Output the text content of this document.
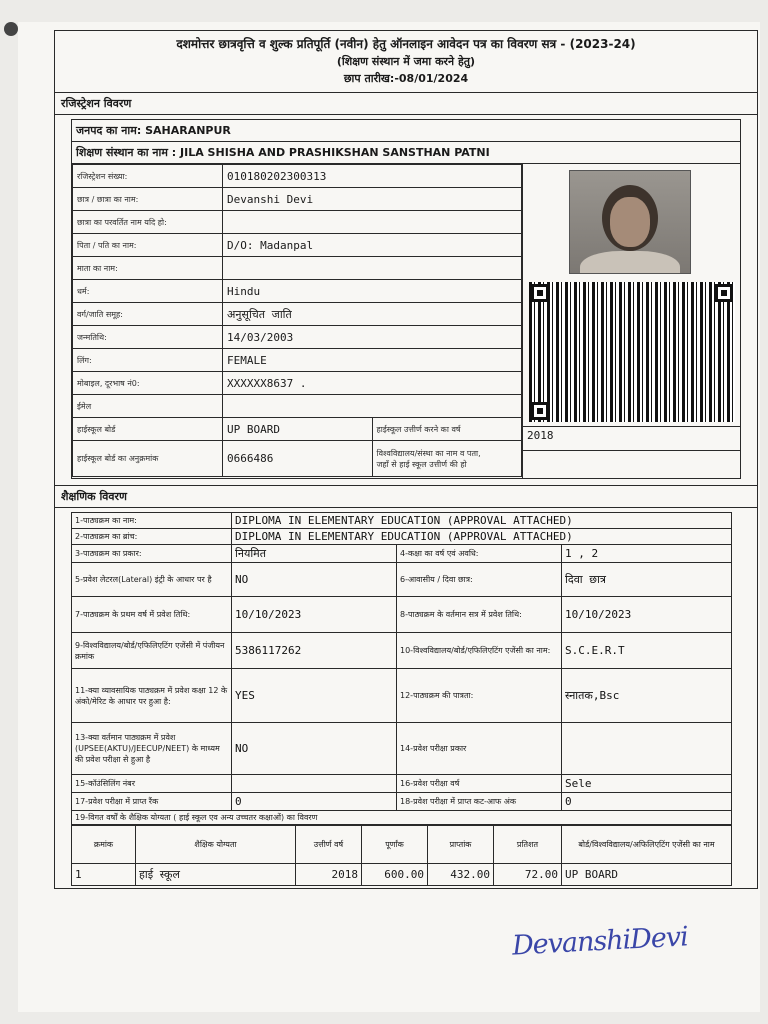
दशमोत्तर छात्रवृत्ति व शुल्क प्रतिपूर्ति (नवीन) हेतु ऑनलाइन आवेदन पत्र का विवरण सत्र - (2023-24)
(शिक्षण संस्थान में जमा करने हेतु)
छाप तारीख:-08/01/2024
रजिस्ट्रेशन विवरण
जनपद का नाम: SAHARANPUR
शिक्षण संस्थान का नाम : JILA SHISHA AND PRASHIKSHAN SANSTHAN PATNI
रजिस्ट्रेशन संख्या:	010180202300313	
छात्र / छात्रा का नाम:	Devanshi Devi	
छात्रा का परवर्तित नाम यदि हो:		
पिता / पति का नाम:	D/O: Madanpal	
माता का नाम:		
धर्म:	Hindu	
वर्ग/जाति समूह:	अनुसूचित जाति	
जन्मतिथि:	14/03/2003	
लिंग:	FEMALE	
मोबाइल, दूरभाष नं0:	XXXXXX8637 .	
ईमेल		
हाईस्कूल बोर्ड	UP BOARD	हाईस्कूल उत्तीर्ण करने का वर्ष
हाईस्कूल बोर्ड का अनुक्रमांक	0666486	विश्वविद्यालय/संस्था का नाम व पता,
जहाँ से हाई स्कूल उत्तीर्ण की हो
2018
शैक्षणिक विवरण
1-पाठ्यक्रम का नाम:	DIPLOMA IN ELEMENTARY EDUCATION (APPROVAL ATTACHED)		
2-पाठ्यक्रम का ब्रांच:	DIPLOMA IN ELEMENTARY EDUCATION (APPROVAL ATTACHED)		
3-पाठ्यक्रम का प्रकार:	नियमित	4-कक्षा का वर्ष एवं अवधि:	1 , 2
5-प्रवेश लेटरल(Lateral) इंट्री के आधार पर है	NO	6-आवासीय / दिवा छात्र:	दिवा छात्र
7-पाठ्यक्रम के प्रथम वर्ष में प्रवेश तिथि:	10/10/2023	8-पाठ्यक्रम के वर्तमान सत्र में प्रवेश तिथि:	10/10/2023
9-विश्वविद्यालय/बोर्ड/एफिलिएटिंग एजेंसी में पंजीयन क्रमांक	5386117262	10-विश्वविद्यालय/बोर्ड/एफिलिएटिंग एजेंसी का नाम:	S.C.E.R.T
11-क्या व्यावसायिक पाठ्यक्रम में प्रवेश कक्षा 12 के अंको/मेरिट के आधार पर हुआ है:	YES	12-पाठ्यक्रम की पात्रता:	स्नातक,Bsc
13-क्या वर्तमान पाठ्यक्रम में प्रवेश (UPSEE(AKTU)/JEECUP/NEET) के माध्यम की प्रवेश परीक्षा से हुआ है	NO	14-प्रवेश परीक्षा प्रकार	
15-कॉउंसिलिंग नंबर		16-प्रवेश परीक्षा वर्ष	Sele
17-प्रवेश परीक्षा में प्राप्त रैंक	0	18-प्रवेश परीक्षा में प्राप्त कट-आफ अंक	0
19-विगत वर्षों के शैक्षिक योग्यता ( हाई स्कूल एव अन्य उच्चतर कक्षाओं) का विवरण			
क्रमांक	शैक्षिक योग्यता	उत्तीर्ण वर्ष	पूर्णांक	प्राप्तांक	प्रतिशत	बोर्ड/विश्वविद्यालय/अफिलिएटिंग एजेंसी का नाम
1	हाई स्कूल	2018	600.00	432.00	72.00	UP BOARD
DevanshiDevi
